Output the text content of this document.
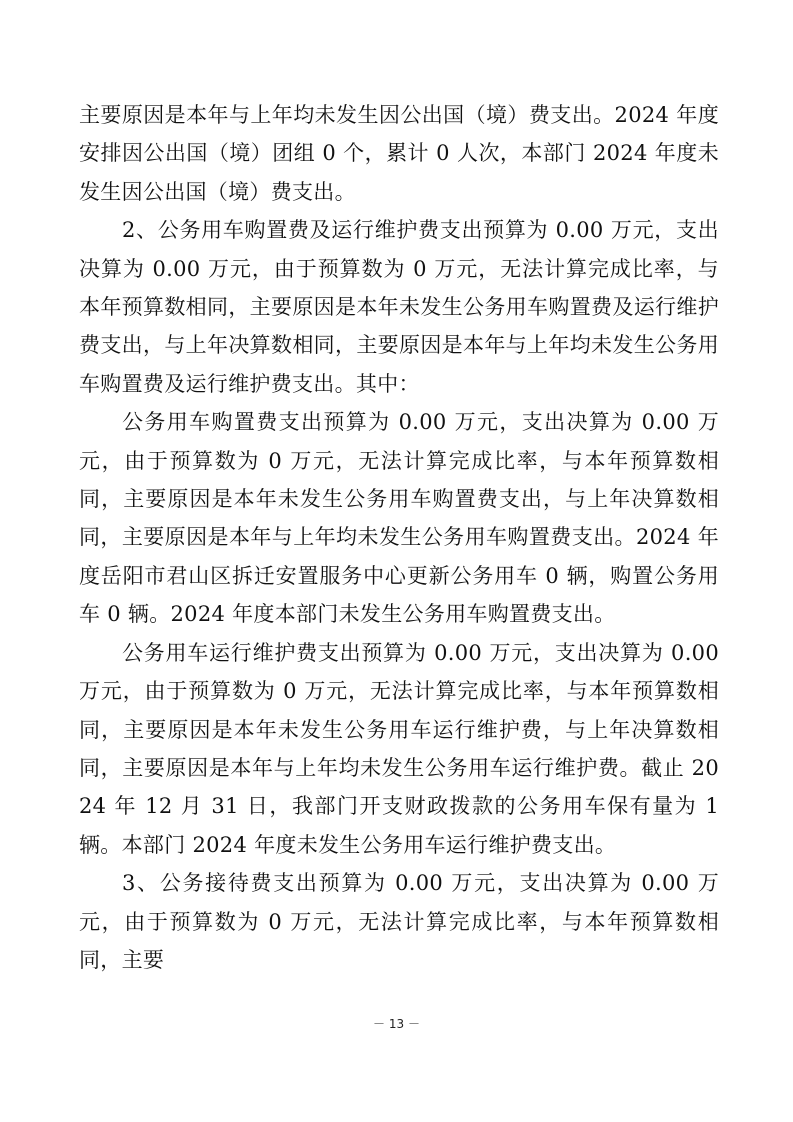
主要原因是本年与上年均未发生因公出国（境）费支出。2024 年度安排因公出国（境）团组 0 个，累计 0 人次，本部门 2024 年度未发生因公出国（境）费支出。

2、公务用车购置费及运行维护费支出预算为 0.00 万元，支出决算为 0.00 万元，由于预算数为 0 万元，无法计算完成比率，与本年预算数相同，主要原因是本年未发生公务用车购置费及运行维护费支出，与上年决算数相同，主要原因是本年与上年均未发生公务用车购置费及运行维护费支出。其中：

公务用车购置费支出预算为 0.00 万元，支出决算为 0.00 万元，由于预算数为 0 万元，无法计算完成比率，与本年预算数相同，主要原因是本年未发生公务用车购置费支出，与上年决算数相同，主要原因是本年与上年均未发生公务用车购置费支出。2024 年度岳阳市君山区拆迁安置服务中心更新公务用车 0 辆，购置公务用车 0 辆。2024 年度本部门未发生公务用车购置费支出。

公务用车运行维护费支出预算为 0.00 万元，支出决算为 0.00 万元，由于预算数为 0 万元，无法计算完成比率，与本年预算数相同，主要原因是本年未发生公务用车运行维护费，与上年决算数相同，主要原因是本年与上年均未发生公务用车运行维护费。截止 2024 年 12 月 31 日，我部门开支财政拨款的公务用车保有量为 1 辆。本部门 2024 年度未发生公务用车运行维护费支出。

3、公务接待费支出预算为 0.00 万元，支出决算为 0.00 万元，由于预算数为 0 万元，无法计算完成比率，与本年预算数相同，主要

－ 13 －
